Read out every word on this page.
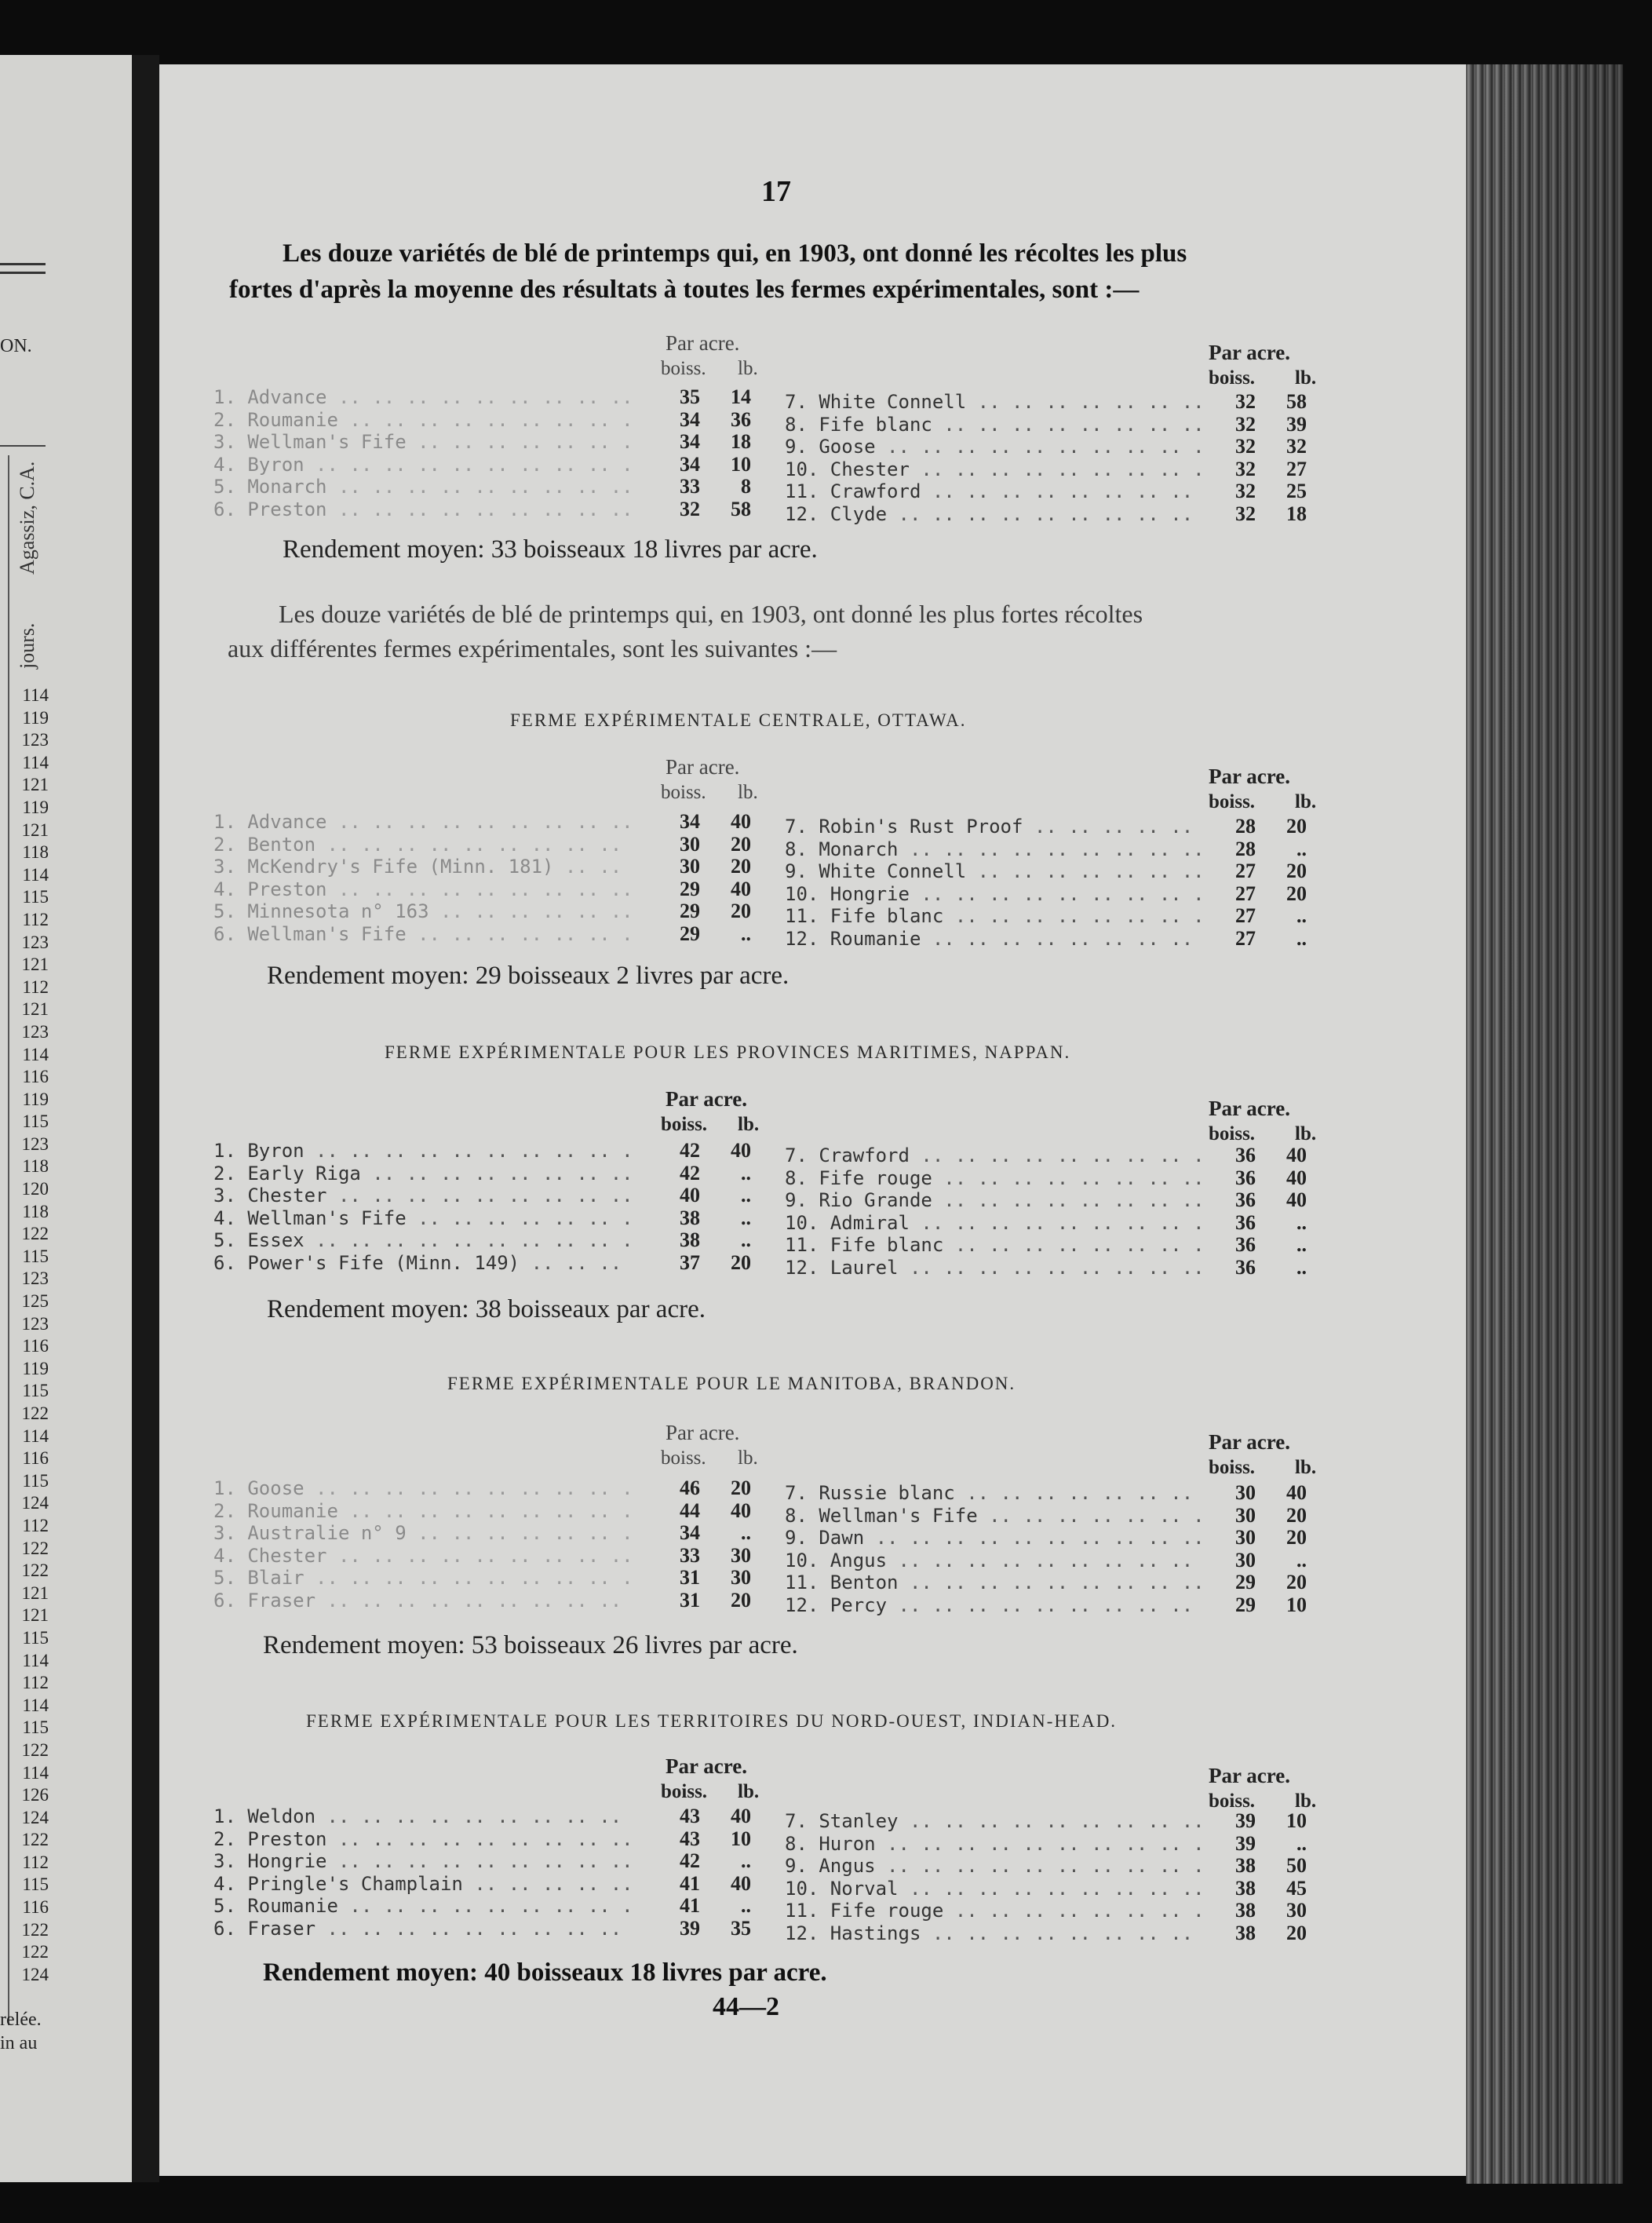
ON.
Agassiz, C.A.
jours.
114
119
123
114
121
119
121
118
114
115
112
123
121
112
121
123
114
116
119
115
123
118
120
118
122
115
123
125
123
116
119
115
122
114
116
115
124
112
122
122
121
121
115
114
112
114
115
122
114
126
124
122
112
115
116
122
122
124
relée.
in au
17
Les douze variétés de blé de printemps qui, en 1903, ont donné les récoltes les plus
fortes d'après la moyenne des résultats à toutes les fermes expérimentales, sont :—
Par acre.
boiss. lb.
Par acre.
boiss. lb.
1. Advance .. ..	35	14
2. Roumanie .. ..	34	36
3. Wellman's Fife .. ..	34	18
4. Byron .. ..	34	10
5. Monarch .. ..	33	8
6. Preston .. ..	32	58
7. White Connell .. ..	32	58
8. Fife blanc .. ..	32	39
9. Goose .. ..	32	32
10. Chester .. ..	32	27
11. Crawford .. ..	32	25
12. Clyde .. ..	32	18
Rendement moyen: 33 boisseaux 18 livres par acre.
FERME EXPÉRIMENTALE CENTRALE, OTTAWA.
Par acre.
boiss. lb.
Par acre.
boiss. lb.
1. Advance .. ..	34	40
2. Benton .. ..	30	20
3. McKendry's Fife (Minn. 181) .. ..	30	20
4. Preston .. ..	29	40
5. Minnesota n° 163 .. ..	29	20
6. Wellman's Fife .. ..	29	..
7. Robin's Rust Proof .. ..	28	20
8. Monarch .. ..	28	..
9. White Connell .. ..	27	20
10. Hongrie .. ..	27	20
11. Fife blanc .. ..	27	..
12. Roumanie .. ..	27	..
Rendement moyen: 29 boisseaux 2 livres par acre.
FERME EXPÉRIMENTALE POUR LES PROVINCES MARITIMES, NAPPAN.
Par acre.
boiss. lb.
Par acre.
boiss. lb.
1. Byron .. ..	42	40
2. Early Riga .. ..	42	..
3. Chester .. ..	40	..
4. Wellman's Fife .. ..	38	..
5. Essex .. ..	38	..
6. Power's Fife (Minn. 149) .. ..	37	20
7. Crawford .. ..	36	40
8. Fife rouge .. ..	36	40
9. Rio Grande .. ..	36	40
10. Admiral .. ..	36	..
11. Fife blanc .. ..	36	..
12. Laurel .. ..	36	..
Rendement moyen: 38 boisseaux par acre.
FERME EXPÉRIMENTALE POUR LE MANITOBA, BRANDON.
Par acre.
boiss. lb.
Par acre.
boiss. lb.
1. Goose .. ..	46	20
2. Roumanie .. ..	44	40
3. Australie n° 9 .. ..	34	..
4. Chester .. ..	33	30
5. Blair .. ..	31	30
6. Fraser .. ..	31	20
7. Russie blanc .. ..	30	40
8. Wellman's Fife .. ..	30	20
9. Dawn .. ..	30	20
10. Angus .. ..	30	..
11. Benton .. ..	29	20
12. Percy .. ..	29	10
Rendement moyen: 53 boisseaux 26 livres par acre.
FERME EXPÉRIMENTALE POUR LES TERRITOIRES DU NORD-OUEST, INDIAN-HEAD.
Par acre.
boiss. lb.
Par acre.
boiss. lb.
1. Weldon .. ..	43	40
2. Preston .. ..	43	10
3. Hongrie .. ..	42	..
4. Pringle's Champlain .. ..	41	40
5. Roumanie .. ..	41	..
6. Fraser .. ..	39	35
7. Stanley .. ..	39	10
8. Huron .. ..	39	..
9. Angus .. ..	38	50
10. Norval .. ..	38	45
11. Fife rouge .. ..	38	30
12. Hastings .. ..	38	20
Rendement moyen: 40 boisseaux 18 livres par acre.
Les douze variétés de blé de printemps qui, en 1903, ont donné les plus fortes récoltes
aux différentes fermes expérimentales, sont les suivantes :—
44—2
